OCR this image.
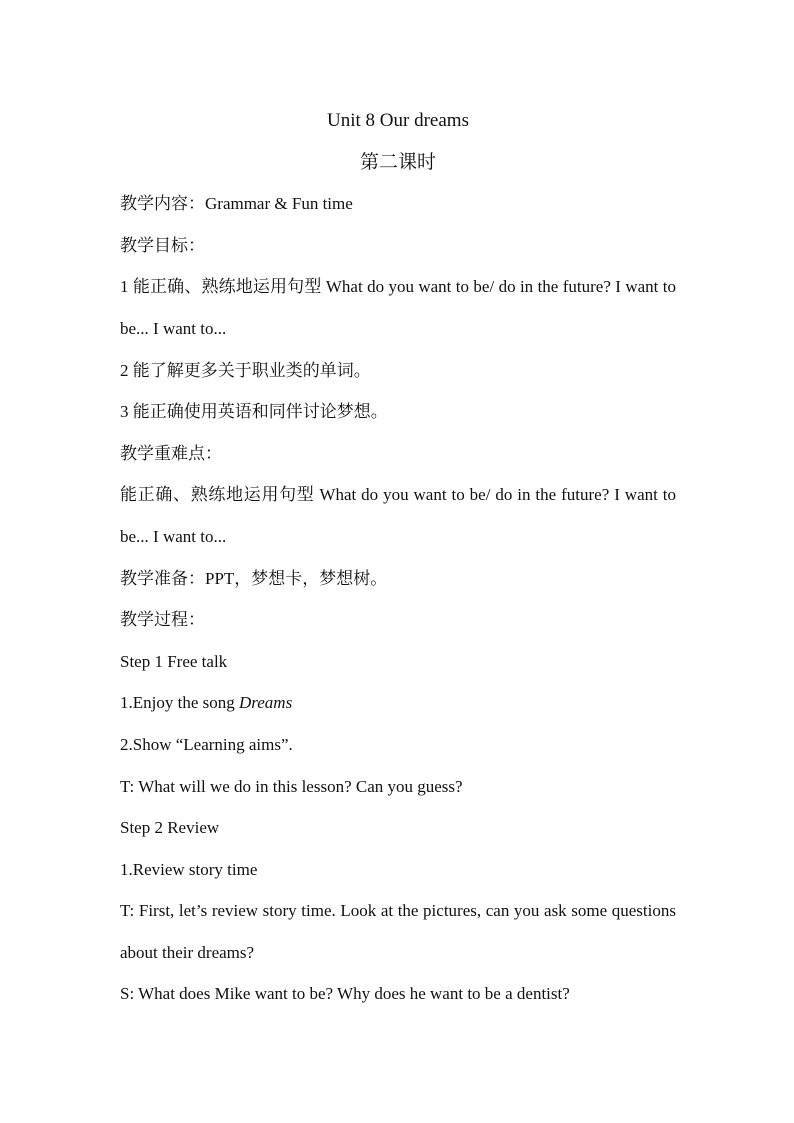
Unit 8 Our dreams
第二课时
教学内容：Grammar & Fun time
教学目标：
1 能正确、熟练地运用句型 What do you want to be/ do in the future? I want to be... I want to...
2 能了解更多关于职业类的单词。
3 能正确使用英语和同伴讨论梦想。
教学重难点：
能正确、熟练地运用句型 What do you want to be/ do in the future? I want to be... I want to...
教学准备：PPT，梦想卡，梦想树。
教学过程：
Step 1 Free talk
1.Enjoy the song Dreams
2.Show “Learning aims”.
T: What will we do in this lesson? Can you guess?
Step 2 Review
1.Review story time
T: First, let’s review story time. Look at the pictures, can you ask some questions about their dreams?
S: What does Mike want to be? Why does he want to be a dentist?
